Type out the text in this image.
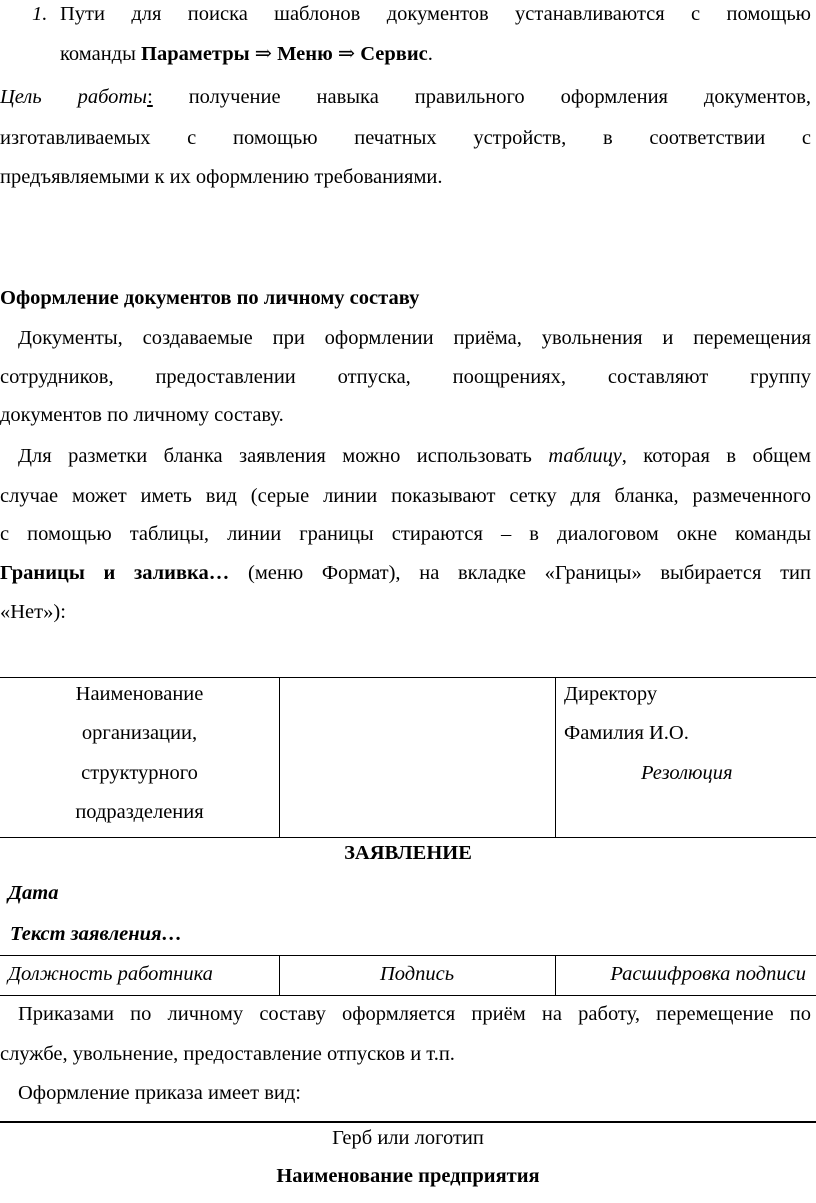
1. Пути для поиска шаблонов документов устанавливаются с помощью
команды Параметры ⇒ Меню ⇒ Сервис.
Цель работы: получение навыка правильного оформления документов,
изготавливаемых с помощью печатных устройств, в соответствии с
предъявляемыми к их оформлению требованиями.
Оформление документов по личному составу
Документы, создаваемые при оформлении приёма, увольнения и перемещения
сотрудников, предоставлении отпуска, поощрениях, составляют группу
документов по личному составу.
Для разметки бланка заявления можно использовать таблицу, которая в общем
случае может иметь вид (серые линии показывают сетку для бланка, размеченного
с помощью таблицы, линии границы стираются – в диалоговом окне команды
Границы и заливка… (меню Формат), на вкладке «Границы» выбирается тип
«Нет»):
Наименование
организации,
структурного
подразделения
Директору
Фамилия И.О.
Резолюция
ЗАЯВЛЕНИЕ
Дата
Текст заявления…
Должность работника	Подпись	Расшифровка подписи
Приказами по личному составу оформляется приём на работу, перемещение по
службе, увольнение, предоставление отпусков и т.п.
Оформление приказа имеет вид:
Герб или логотип
Наименование предприятия
